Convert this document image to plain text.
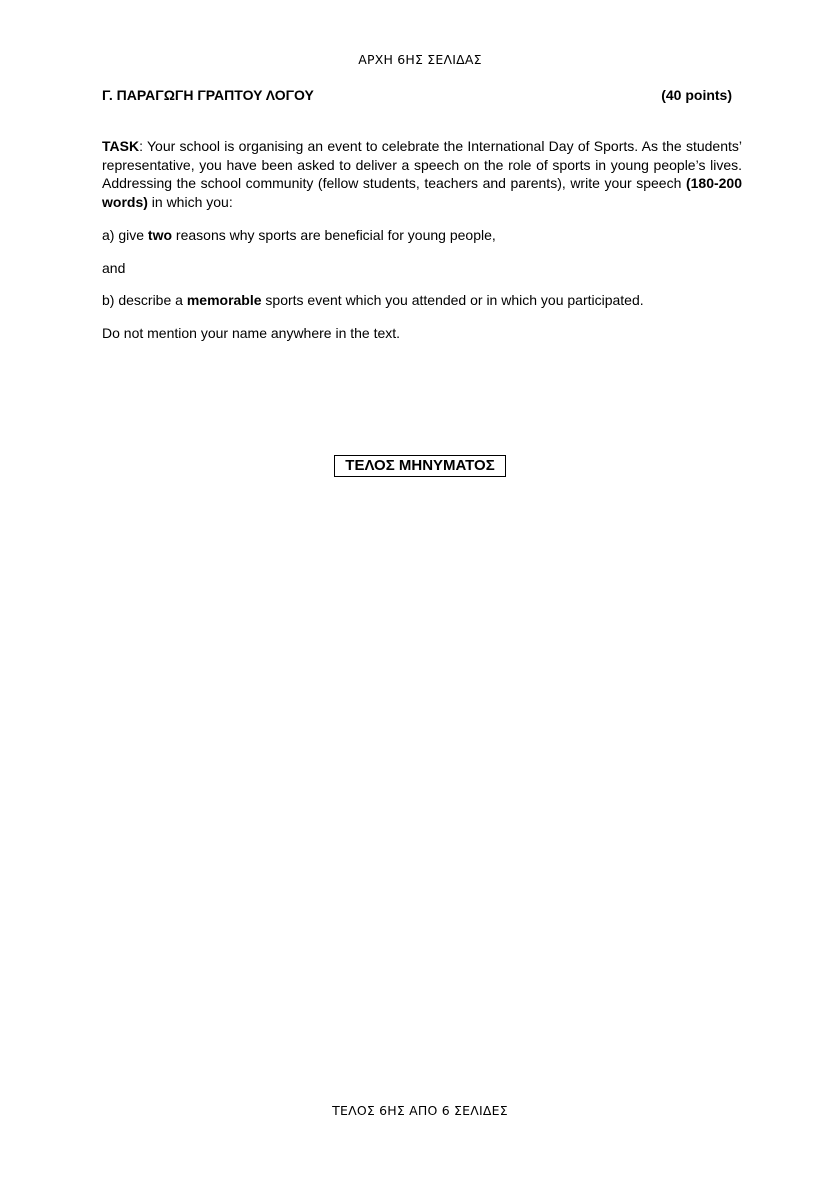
ΑΡΧΗ 6ΗΣ ΣΕΛΙΔΑΣ
Γ. ΠΑΡΑΓΩΓΗ ΓΡΑΠΤΟΥ ΛΟΓΟΥ	(40 points)
TASK: Your school is organising an event to celebrate the International Day of Sports. As the students’ representative, you have been asked to deliver a speech on the role of sports in young people’s lives. Addressing the school community (fellow students, teachers and parents), write your speech (180-200 words) in which you:
a) give two reasons why sports are beneficial for young people,
and
b) describe a memorable sports event which you attended or in which you participated.
Do not mention your name anywhere in the text.
ΤΕΛΟΣ ΜΗΝΥΜΑΤΟΣ
ΤΕΛΟΣ 6ΗΣ ΑΠΟ 6 ΣΕΛΙΔΕΣ
